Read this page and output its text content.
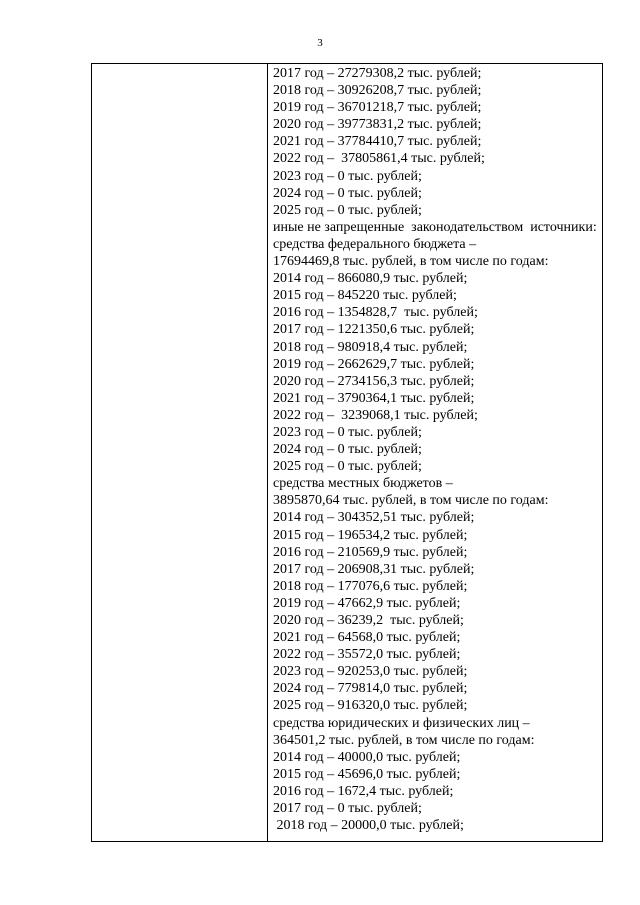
3
2017 год – 27279308,2 тыс. рублей;
2018 год – 30926208,7 тыс. рублей;
2019 год – 36701218,7 тыс. рублей;
2020 год – 39773831,2 тыс. рублей;
2021 год – 37784410,7 тыс. рублей;
2022 год –  37805861,4 тыс. рублей;
2023 год – 0 тыс. рублей;
2024 год – 0 тыс. рублей;
2025 год – 0 тыс. рублей;
иные не запрещенные  законодательством  источники:
средства федерального бюджета –
17694469,8 тыс. рублей, в том числе по годам:
2014 год – 866080,9 тыс. рублей;
2015 год – 845220 тыс. рублей;
2016 год – 1354828,7  тыс. рублей;
2017 год – 1221350,6 тыс. рублей;
2018 год – 980918,4 тыс. рублей;
2019 год – 2662629,7 тыс. рублей;
2020 год – 2734156,3 тыс. рублей;
2021 год – 3790364,1 тыс. рублей;
2022 год –  3239068,1 тыс. рублей;
2023 год – 0 тыс. рублей;
2024 год – 0 тыс. рублей;
2025 год – 0 тыс. рублей;
средства местных бюджетов –
3895870,64 тыс. рублей, в том числе по годам:
2014 год – 304352,51 тыс. рублей;
2015 год – 196534,2 тыс. рублей;
2016 год – 210569,9 тыс. рублей;
2017 год – 206908,31 тыс. рублей;
2018 год – 177076,6 тыс. рублей;
2019 год – 47662,9 тыс. рублей;
2020 год – 36239,2  тыс. рублей;
2021 год – 64568,0 тыс. рублей;
2022 год – 35572,0 тыс. рублей;
2023 год – 920253,0 тыс. рублей;
2024 год – 779814,0 тыс. рублей;
2025 год – 916320,0 тыс. рублей;
средства юридических и физических лиц –
364501,2 тыс. рублей, в том числе по годам:
2014 год – 40000,0 тыс. рублей;
2015 год – 45696,0 тыс. рублей;
2016 год – 1672,4 тыс. рублей;
2017 год – 0 тыс. рублей;
2018 год – 20000,0 тыс. рублей;
